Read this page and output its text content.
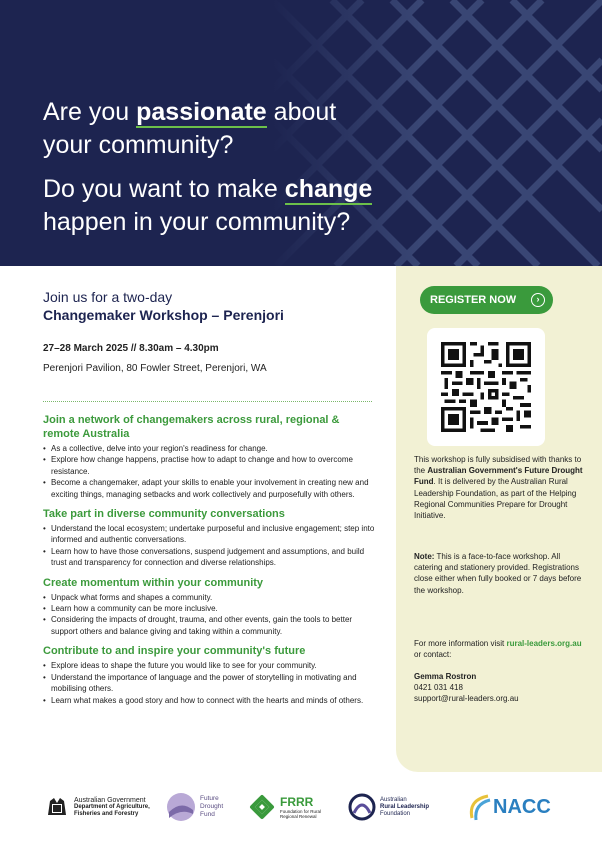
Are you passionate about
your community?
Do you want to make change
happen in your community?
Join us for a two-day
Changemaker Workshop – Perenjori
27–28 March 2025 // 8.30am – 4.30pm
Perenjori Pavilion, 80 Fowler Street, Perenjori, WA
Join a network of changemakers across rural, regional & remote Australia
• As a collective, delve into your region's readiness for change.
• Explore how change happens, practise how to adapt to change and how to overcome resistance.
• Become a changemaker, adapt your skills to enable your involvement in creating new and exciting things, managing setbacks and work collectively and purposefully with others.
Take part in diverse community conversations
• Understand the local ecosystem; undertake purposeful and inclusive engagement; step into informed and authentic conversations.
• Learn how to have those conversations, suspend judgement and assumptions, and build trust and transparency for connection and diverse relationships.
Create momentum within your community
• Unpack what forms and shapes a community.
• Learn how a community can be more inclusive.
• Considering the impacts of drought, trauma, and other events, gain the tools to better support others and balance giving and taking within a community.
Contribute to and inspire your community's future
• Explore ideas to shape the future you would like to see for your community.
• Understand the importance of language and the power of storytelling in motivating and mobilising others.
• Learn what makes a good story and how to connect with the hearts and minds of others.
REGISTER NOW	›
This workshop is fully subsidised with thanks to the Australian Government's Future Drought Fund. It is delivered by the Australian Rural Leadership Foundation, as part of the Helping Regional Communities Prepare for Drought Initiative.
Note: This is a face-to-face workshop. All catering and stationery provided. Registrations close either when fully booked or 7 days before the workshop.
For more information visit rural-leaders.org.au or contact:
Gemma Rostron
0421 031 418
support@rural-leaders.org.au
Australian Government
Department of Agriculture,
Fisheries and Forestry
Future
Drought
Fund
FRRR
Foundation for Rural
Regional Renewal
Australian
Rural Leadership
Foundation	NACC
